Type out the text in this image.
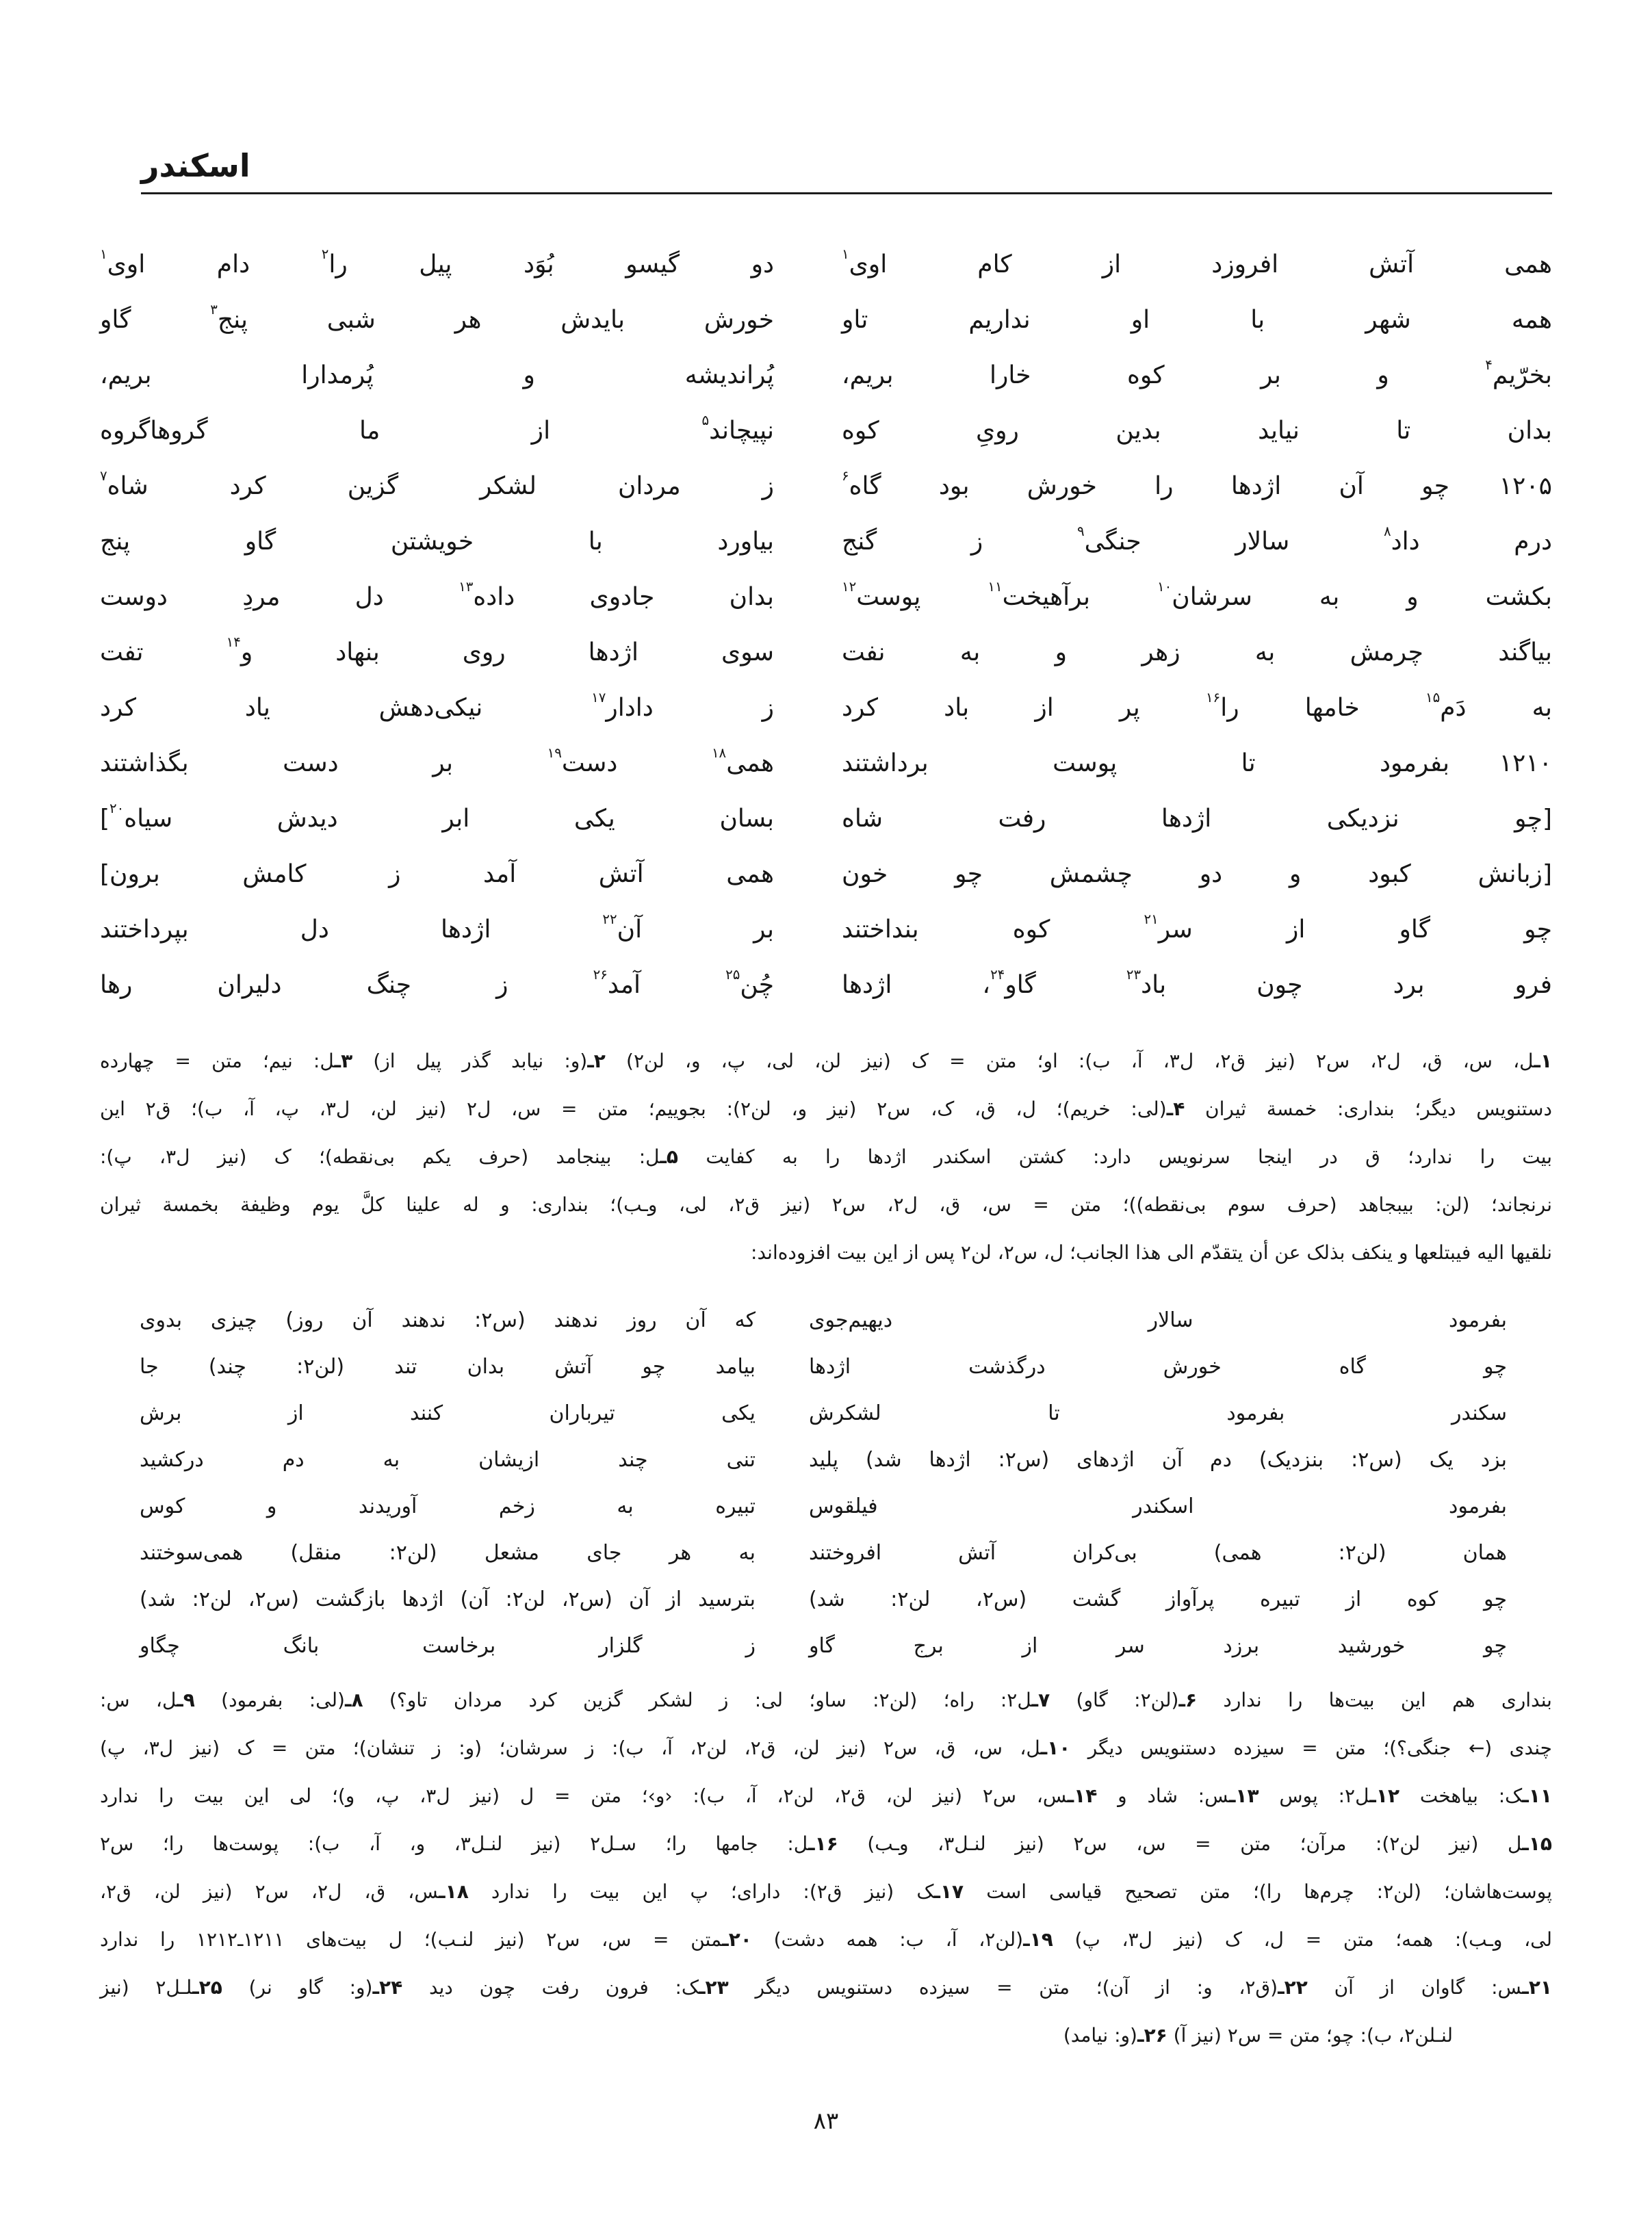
اسکندر
همی آتش افروزد از کام اوی$^۱$
دو گیسو بُوَد پیل را$^۲$ دام اوی$^۱$
همه شهر با او نداریم تاو
خورش بایدش هر شبی پنج$^۳$ گاو
بخرّیم$^۴$ و بر کوه خارا بریم،
پُراندیشه و پُرمدارا بریم،
بدان تا نیاید بدین رویِ کوه
نپیچاند$^۵$ از ما گروهاگروه
۱۲۰۵
چو آن اژدها را خورش بود گاه$^۶$
ز مردان لشکر گزین کرد شاه$^۷$
درم داد$^۸$ سالار جنگی$^۹$ ز گنج
بیاورد با خویشتن گاو پنج
بکشت و به سرشان$^{۱۰}$ برآهیخت$^{۱۱}$ پوست$^{۱۲}$
بدان جادوی داده$^{۱۳}$ دل مردِ دوست
بیاگند چرمش به زهر و به نفت
سوی اژدها روی بنهاد و$^{۱۴}$ تفت
به دَم$^{۱۵}$ خامها را$^{۱۶}$ پر از باد کرد
ز دادار$^{۱۷}$ نیکی‌دهش یاد کرد
۱۲۱۰
بفرمود تا پوست برداشتند
همی$^{۱۸}$ دست$^{۱۹}$ بر دست بگذاشتند
[چو نزدیکی اژدها رفت شاه
بسان یکی ابر دیدش سیاه$^{۲۰}$]
[زبانش کبود و دو چشمش چو خون
همی آتش آمد ز کامش برون]
چو گاو از سر$^{۲۱}$ کوه بنداختند
بر آن$^{۲۲}$ اژدها دل بپرداختند
فرو برد چون باد$^{۲۳}$ گاو$^{۲۴}$، اژدها
چُن$^{۲۵}$ آمد$^{۲۶}$ ز چنگ دلیران رها
۱ـل، س، ق، ل۲، س۲ (نیز ق۲، ل۳، آ، ب): او؛ متن = ک (نیز لن، لی، پ، و، لن۲) ۲ـ(و: نیابد گذر پیل از) ۳ـل: نیم؛ متن = چهارده
دستنویس دیگر؛ بنداری: خمسة ثیران ۴ـ(لی: خریم)؛ ل، ق، ک، س۲ (نیز و، لن۲): بجوییم؛ متن = س، ل۲ (نیز لن، ل۳، پ، آ، ب)؛ ق۲ این
بیت را ندارد؛ ق در اینجا سرنویس دارد: کشتن اسکندر اژدها را به کفایت ۵ـل: بینجامد (حرف یکم بی‌نقطه)؛ ک (نیز ل۳، پ):
نرنجاند؛ (لن: بیبجاهد (حرف سوم بی‌نقطه))؛ متن = س، ق، ل۲، س۲ (نیز ق۲، لی، وـب)؛ بنداری: و له علینا کلَّ یوم وظیفة بخمسة ثیران
نلقیها الیه فیبتلعها و ینکف بذلک عن أن یتقدّم الی هذا الجانب؛ ل، س۲، لن۲ پس از این بیت افزوده‌اند:
بفرمود سالار دیهیم‌جوی
که آن روز ندهند (س۲: ندهند آن روز) چیزی بدوی
چو گاه خورش درگذشت اژدها
بیامد چو آتش بدان تند (لن۲: چند) جا
سکندر بفرمود تا لشکرش
یکی تیرباران کنند از برش
بزد یک (س۲: بنزدیک) دم آن اژدهای (س۲: اژدها شد) پلید
تنی چند ازیشان به دم درکشید
بفرمود اسکندر فیلقوس
تبیره به زخم آوریدند و کوس
همان (لن۲: همی) بی‌کران آتش افروختند
به هر جای مشعل (لن۲: منقل) همی‌سوختند
چو کوه از تبیره پرآواز گشت (س۲، لن۲: شد)
بترسید از آن (س۲، لن۲: آن) اژدها بازگشت (س۲، لن۲: شد)
چو خورشید برزد سر از برج گاو
ز گلزار برخاست بانگ چگاو
بنداری هم این بیت‌ها را ندارد ۶ـ(لن۲: گاو) ۷ـل۲: راه؛ (لن۲: ساو؛ لی: ز لشکر گزین کرد مردان تاو؟) ۸ـ(لی: بفرمود) ۹ـل، س:
چندی (← جنگی؟)؛ متن = سیزده دستنویس دیگر ۱۰ـل، س، ق، س۲ (نیز لن، ق۲، لن۲، آ، ب): ز سرشان؛ (و: ز تنشان)؛ متن = ک (نیز ل۳، پ)
۱۱ـک: بیاهخت ۱۲ـل۲: پوس ۱۳ـس: شاد و ۱۴ـس، س۲ (نیز لن، ق۲، لن۲، آ، ب): ‹و›؛ متن = ل (نیز ل۳، پ، و)؛ لی این بیت را ندارد
۱۵ـل (نیز لن۲): مرآن؛ متن = س، س۲ (نیز لنـل۳، وـب) ۱۶ـل: جامها را؛ سـل۲ (نیز لنـل۳، و، آ، ب): پوست‌ها را؛ س۲
پوست‌هاشان؛ (لن۲: چرم‌ها را)؛ متن تصحیح قیاسی است ۱۷ـک (نیز ق۲): دارای؛ پ این بیت را ندارد ۱۸ـس، ق، ل۲، س۲ (نیز لن، ق۲،
لی، وـب): همه؛ متن = ل، ک (نیز ل۳، پ) ۱۹ـ(لن۲، آ، ب: همه دشت) ۲۰ـمتن = س، س۲ (نیز لنـب)؛ ل بیت‌های ۱۲۱۱ـ۱۲۱۲ را ندارد
۲۱ـس: گاوان از آن ۲۲ـ(ق۲، و: از آن)؛ متن = سیزده دستنویس دیگر ۲۳ـک: فرون رفت چون دید ۲۴ـ(و: گاو نر) ۲۵ـلـل۲ (نیز
لنـلن۲، ب): چو؛ متن = س۲ (نیز آ) ۲۶ـ(و: نیامد)
۸۳
